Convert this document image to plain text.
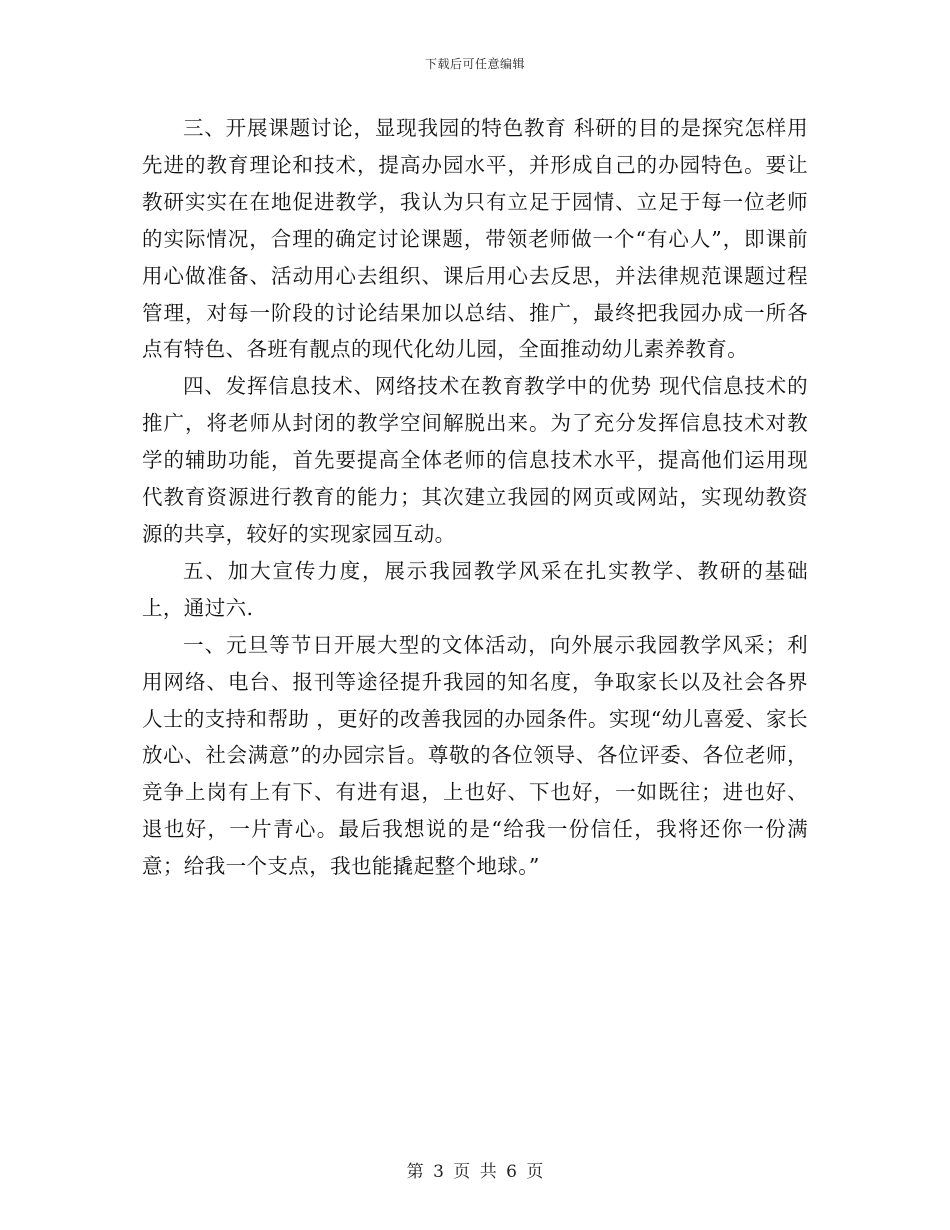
下载后可任意编辑

三、开展课题讨论，显现我园的特色教育 科研的目的是探究怎样用先进的教育理论和技术，提高办园水平，并形成自己的办园特色。要让教研实实在在地促进教学，我认为只有立足于园情、立足于每一位老师的实际情况，合理的确定讨论课题，带领老师做一个“有心人”，即课前用心做准备、活动用心去组织、课后用心去反思，并法律规范课题过程管理，对每一阶段的讨论结果加以总结、推广，最终把我园办成一所各点有特色、各班有靓点的现代化幼儿园，全面推动幼儿素养教育。

四、发挥信息技术、网络技术在教育教学中的优势 现代信息技术的推广，将老师从封闭的教学空间解脱出来。为了充分发挥信息技术对教学的辅助功能，首先要提高全体老师的信息技术水平，提高他们运用现代教育资源进行教育的能力；其次建立我园的网页或网站，实现幼教资源的共享，较好的实现家园互动。

五、加大宣传力度，展示我园教学风采在扎实教学、教研的基础上，通过六.

一、元旦等节日开展大型的文体活动，向外展示我园教学风采；利用网络、电台、报刊等途径提升我园的知名度，争取家长以及社会各界人士的支持和帮助 ，更好的改善我园的办园条件。实现“幼儿喜爱、家长放心、社会满意”的办园宗旨。尊敬的各位领导、各位评委、各位老师，竞争上岗有上有下、有进有退，上也好、下也好，一如既往；进也好、退也好，一片青心。最后我想说的是“给我一份信任，我将还你一份满意；给我一个支点，我也能撬起整个地球。”

第 3 页 共 6 页
